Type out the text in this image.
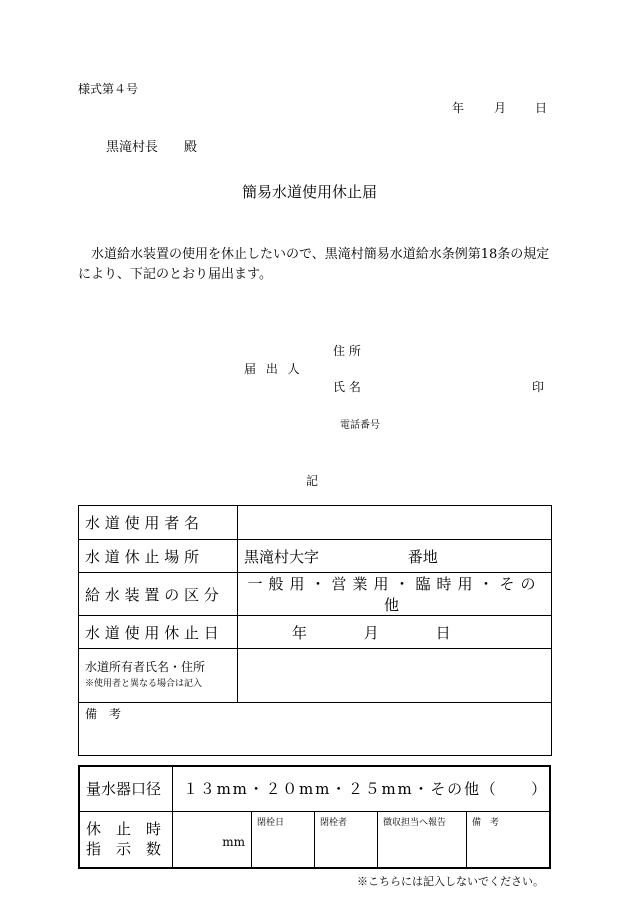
様式第４号
年 月 日
黒滝村長 殿
簡易水道使用休止届
水道給水装置の使用を休止したいので、黒滝村簡易水道給水条例第18条の規定により、下記のとおり届出ます。
住 所
届 出 人
氏 名	印
電話番号
記
水道使用者名	
水道休止場所	黒滝村大字 番地
給水装置の区分	一般用・営業用・臨時用・その他
水道使用休止日	年 月 日

水道所有者氏名・住所
※使用者と異なる場合は記入	

備　考	
量水器口径	１３mm・２０mm・２５mm・その他（　　）				

休　止　時
指　示　数	mm	閉栓日	閉栓者	徴収担当へ報告	備　考
※こちらには記入しないでください。
